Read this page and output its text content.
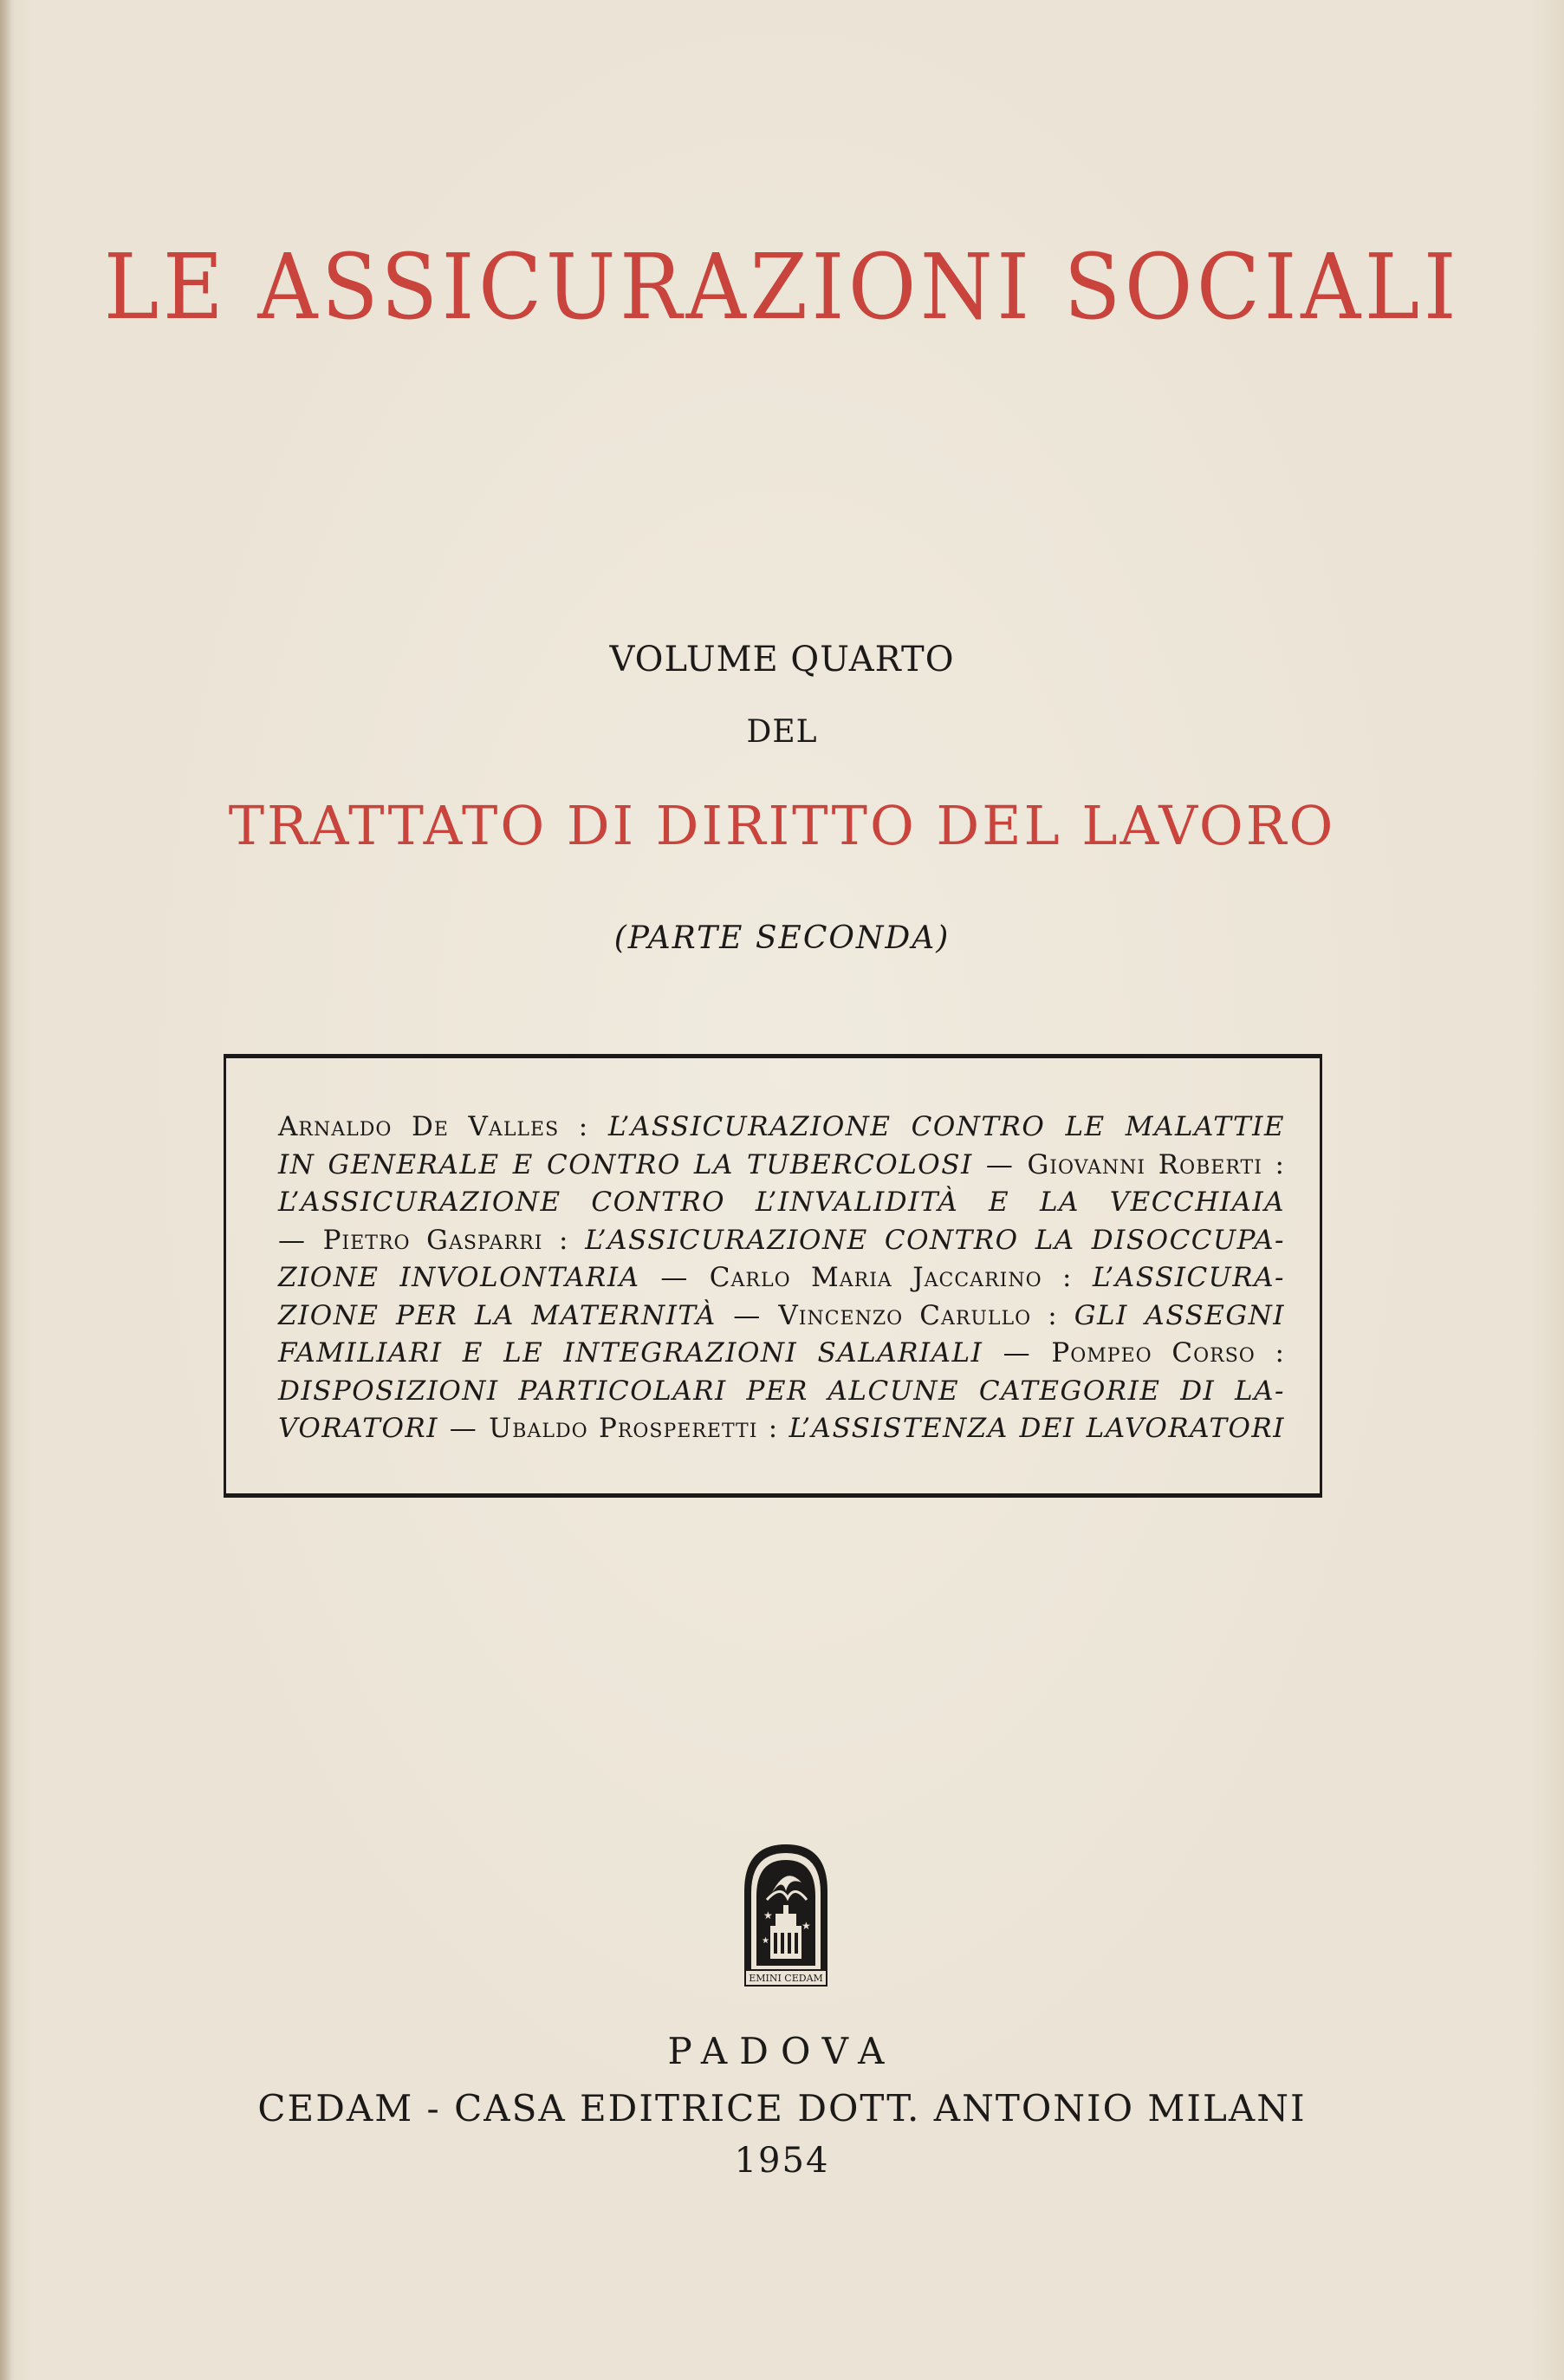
LE ASSICURAZIONI SOCIALI
VOLUME QUARTO
DEL
TRATTATO DI DIRITTO DEL LAVORO
(PARTE SECONDA)
Arnaldo De Valles : L’ASSICURAZIONE CONTRO LE MALATTIE
IN GENERALE E CONTRO LA TUBERCOLOSI — Giovanni Roberti :
L’ASSICURAZIONE CONTRO L’INVALIDITÀ E LA VECCHIAIA
— Pietro Gasparri : L’ASSICURAZIONE CONTRO LA DISOCCUPA-
ZIONE INVOLONTARIA — Carlo Maria Jaccarino : L’ASSICURA-
ZIONE PER LA MATERNITÀ — Vincenzo Carullo : GLI ASSEGNI
FAMILIARI E LE INTEGRAZIONI SALARIALI — Pompeo Corso :
DISPOSIZIONI PARTICOLARI PER ALCUNE CATEGORIE DI LA-
VORATORI — Ubaldo Prosperetti : L’ASSISTENZA DEI LAVORATORI
★
★
★
EMINI CEDAM
PADOVA
CEDAM - CASA EDITRICE DOTT. ANTONIO MILANI
1954
